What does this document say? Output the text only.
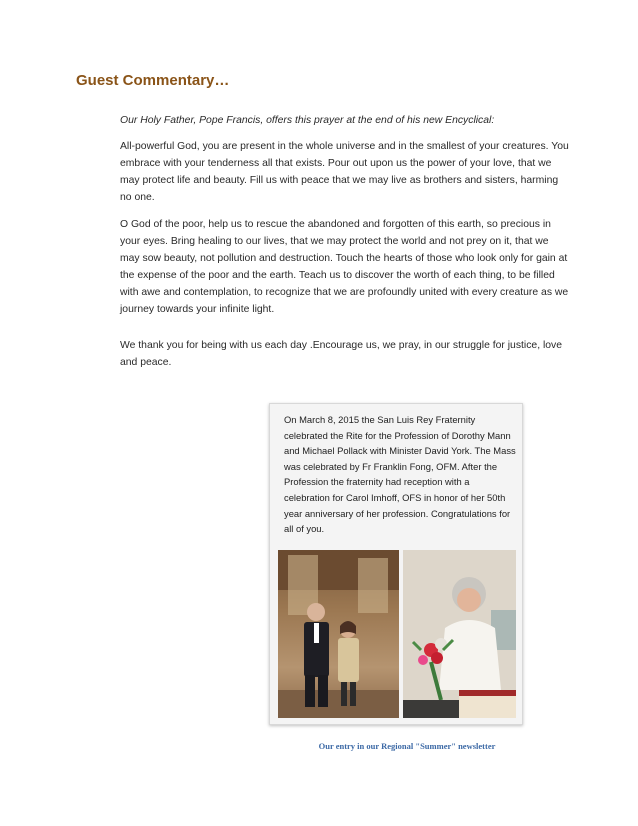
Guest Commentary…
Our Holy Father, Pope Francis, offers this prayer at the end of his new Encyclical:

All-powerful God, you are present in the whole universe and in the smallest of your creatures. You embrace with your tenderness all that exists. Pour out upon us the power of your love, that we may protect life and beauty. Fill us with peace that we may live as brothers and sisters, harming no one.

O God of the poor, help us to rescue the abandoned and forgotten of this earth, so precious in your eyes. Bring healing to our lives, that we may protect the world and not prey on it, that we may sow beauty, not pollution and destruction. Touch the hearts of those who look only for gain at the expense of the poor and the earth. Teach us to discover the worth of each thing, to be filled with awe and contemplation, to recognize that we are profoundly united with every creature as we journey towards your infinite light.

We thank you for being with us each day .Encourage us, we pray, in our struggle for justice, love and peace.

On March 8, 2015 the San Luis Rey Fraternity celebrated the Rite for the Profession of Dorothy Mann and Michael Pollack with Minister David York. The Mass was celebrated by Fr Franklin Fong, OFM. After the Profession the fraternity had reception with a celebration for Carol Imhoff, OFS in honor of her 50th year anniversary of her profession. Congratulations for all of you.

Our entry in our Regional "Summer" newsletter
